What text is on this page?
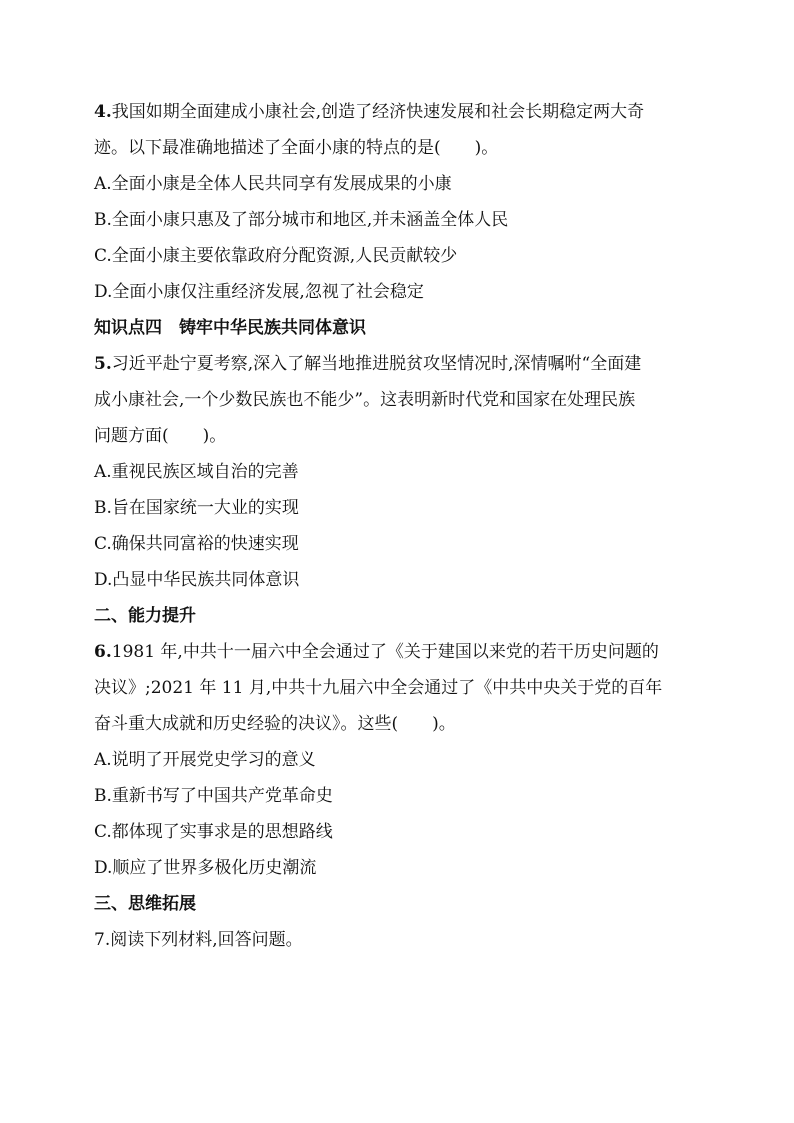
4.我国如期全面建成小康社会,创造了经济快速发展和社会长期稳定两大奇
迹。以下最准确地描述了全面小康的特点的是(　　)。
A.全面小康是全体人民共同享有发展成果的小康
B.全面小康只惠及了部分城市和地区,并未涵盖全体人民
C.全面小康主要依靠政府分配资源,人民贡献较少
D.全面小康仅注重经济发展,忽视了社会稳定
知识点四　铸牢中华民族共同体意识
5.习近平赴宁夏考察,深入了解当地推进脱贫攻坚情况时,深情嘱咐“全面建
成小康社会,一个少数民族也不能少”。这表明新时代党和国家在处理民族
问题方面(　　)。
A.重视民族区域自治的完善
B.旨在国家统一大业的实现
C.确保共同富裕的快速实现
D.凸显中华民族共同体意识
二、能力提升
6.1981 年,中共十一届六中全会通过了《关于建国以来党的若干历史问题的
决议》;2021 年 11 月,中共十九届六中全会通过了《中共中央关于党的百年
奋斗重大成就和历史经验的决议》。这些(　　)。
A.说明了开展党史学习的意义
B.重新书写了中国共产党革命史
C.都体现了实事求是的思想路线
D.顺应了世界多极化历史潮流
三、思维拓展
7.阅读下列材料,回答问题。
